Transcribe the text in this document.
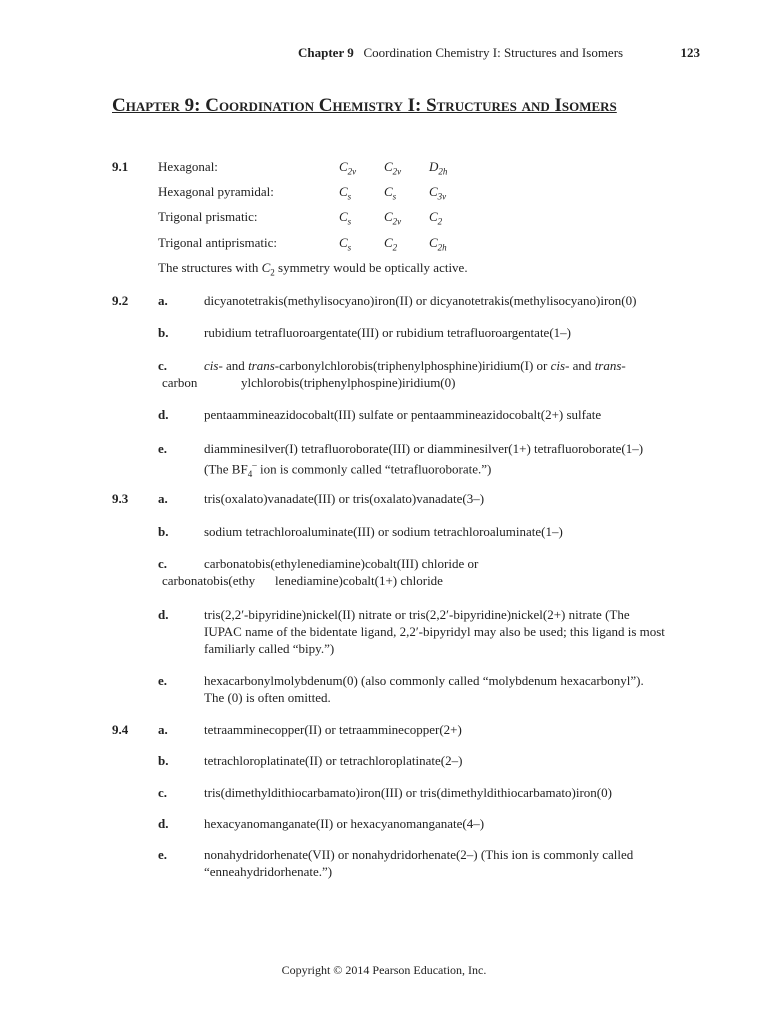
Chapter 9 Coordination Chemistry I: Structures and Isomers	123
Chapter 9: Coordination Chemistry I: Structures and Isomers
9.1 Hexagonal:	$C_{2v}$ $C_{2v}$ $D_{2h}$
Hexagonal pyramidal:	$C_s$	$C_s$	$C_{3v}$
Trigonal prismatic:	$C_s$	$C_{2v}$ $C_2$
Trigonal antiprismatic:	$C_s$	$C_2$ $C_{2h}$
The structures with $C_2$ symmetry would be optically active.
9.2 a.	dicyanotetrakis(methylisocyano)iron(II) or dicyanotetrakis(methylisocyano)iron(0)
b.	rubidium tetrafluoroargentate(III) or rubidium tetrafluoroargentate(1–)
c.	cis- and trans-carbonylchlorobis(triphenylphosphine)iridium(I) or cis- and trans-
carbon	ylchlorobis(triphenylphospine)iridium(0)
d.	pentaammineazidocobalt(III) sulfate or pentaammineazidocobalt(2+) sulfate
e.	diamminesilver(I) tetrafluoroborate(III) or diamminesilver(1+) tetrafluoroborate(1–)
(The $BF_4^-$ ion is commonly called “tetrafluoroborate.”)
9.3 a.	tris(oxalato)vanadate(III) or tris(oxalato)vanadate(3–)
b.	sodium tetrachloroaluminate(III) or sodium tetrachloroaluminate(1–)
c.	carbonatobis(ethylenediamine)cobalt(III) chloride or
carbonatobis(ethy lenediamine)cobalt(1+) chloride
d.	tris(2,2′-bipyridine)nickel(II) nitrate or tris(2,2′-bipyridine)nickel(2+) nitrate (The
IUPAC name of the bidentate ligand, 2,2′-bipyridyl may also be used; this ligand is most
familiarly called “bipy.”)
e.	hexacarbonylmolybdenum(0) (also commonly called “molybdenum hexacarbonyl”).
The (0) is often omitted.
9.4 a.	tetraamminecopper(II) or tetraamminecopper(2+)
b.	tetrachloroplatinate(II) or tetrachloroplatinate(2–)
c.	tris(dimethyldithiocarbamato)iron(III) or tris(dimethyldithiocarbamato)iron(0)
d.	hexacyanomanganate(II) or hexacyanomanganate(4–)
e.	nonahydridorhenate(VII) or nonahydridorhenate(2–) (This ion is commonly called
“enneahydridorhenate.”)
Copyright © 2014 Pearson Education, Inc.
